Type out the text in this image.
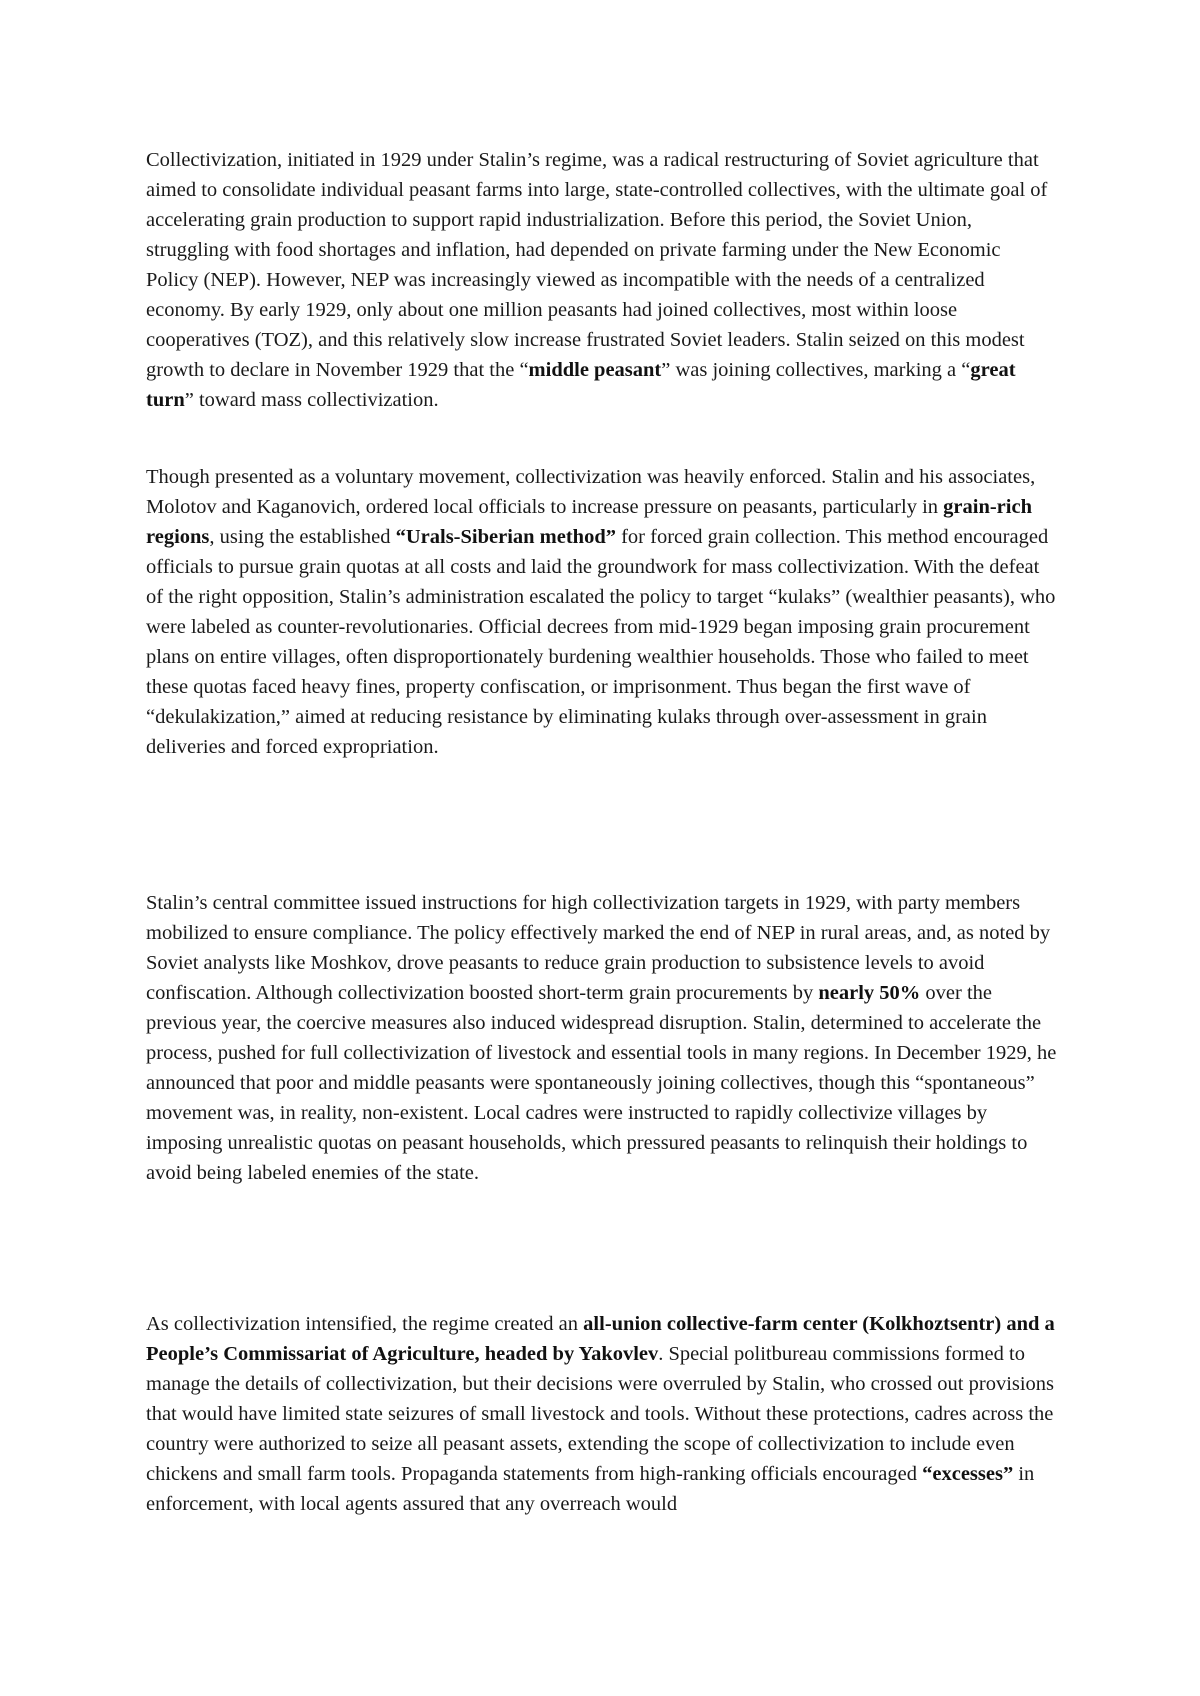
Collectivization, initiated in 1929 under Stalin’s regime, was a radical restructuring of Soviet agriculture that aimed to consolidate individual peasant farms into large, state-controlled collectives, with the ultimate goal of accelerating grain production to support rapid industrialization. Before this period, the Soviet Union, struggling with food shortages and inflation, had depended on private farming under the New Economic Policy (NEP). However, NEP was increasingly viewed as incompatible with the needs of a centralized economy. By early 1929, only about one million peasants had joined collectives, most within loose cooperatives (TOZ), and this relatively slow increase frustrated Soviet leaders. Stalin seized on this modest growth to declare in November 1929 that the “middle peasant” was joining collectives, marking a “great turn” toward mass collectivization.

Though presented as a voluntary movement, collectivization was heavily enforced. Stalin and his associates, Molotov and Kaganovich, ordered local officials to increase pressure on peasants, particularly in grain-rich regions, using the established “Urals-Siberian method” for forced grain collection. This method encouraged officials to pursue grain quotas at all costs and laid the groundwork for mass collectivization. With the defeat of the right opposition, Stalin’s administration escalated the policy to target “kulaks” (wealthier peasants), who were labeled as counter-revolutionaries. Official decrees from mid-1929 began imposing grain procurement plans on entire villages, often disproportionately burdening wealthier households. Those who failed to meet these quotas faced heavy fines, property confiscation, or imprisonment. Thus began the first wave of “dekulakization,” aimed at reducing resistance by eliminating kulaks through over-assessment in grain deliveries and forced expropriation.

Stalin’s central committee issued instructions for high collectivization targets in 1929, with party members mobilized to ensure compliance. The policy effectively marked the end of NEP in rural areas, and, as noted by Soviet analysts like Moshkov, drove peasants to reduce grain production to subsistence levels to avoid confiscation. Although collectivization boosted short-term grain procurements by nearly 50% over the previous year, the coercive measures also induced widespread disruption. Stalin, determined to accelerate the process, pushed for full collectivization of livestock and essential tools in many regions. In December 1929, he announced that poor and middle peasants were spontaneously joining collectives, though this “spontaneous” movement was, in reality, non-existent. Local cadres were instructed to rapidly collectivize villages by imposing unrealistic quotas on peasant households, which pressured peasants to relinquish their holdings to avoid being labeled enemies of the state.

As collectivization intensified, the regime created an all-union collective-farm center (Kolkhoztsentr) and a People’s Commissariat of Agriculture, headed by Yakovlev. Special politbureau commissions formed to manage the details of collectivization, but their decisions were overruled by Stalin, who crossed out provisions that would have limited state seizures of small livestock and tools. Without these protections, cadres across the country were authorized to seize all peasant assets, extending the scope of collectivization to include even chickens and small farm tools. Propaganda statements from high-ranking officials encouraged “excesses” in enforcement, with local agents assured that any overreach would
